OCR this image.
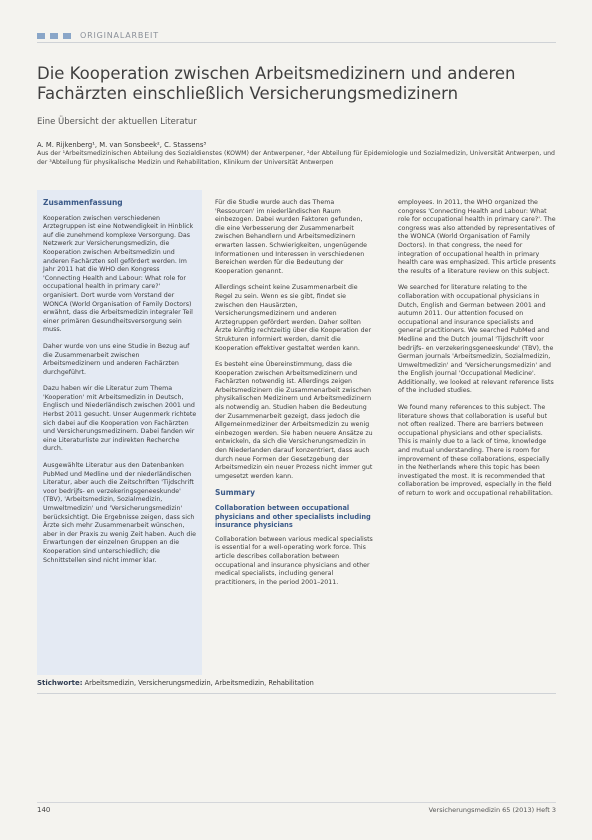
ORIGINALARBEIT
Die Kooperation zwischen Arbeitsmedizinern und anderen Fachärzten einschließlich Versicherungsmedizinern
Eine Übersicht der aktuellen Literatur
A. M. Rijkenberg¹, M. van Sonsbeek², C. Stassens³
Aus der ¹Arbeitsmedizinischen Abteilung des Sozialdienstes (KOWM) der Antwerpener, ²der Abteilung für Epidemiologie und Sozialmedizin, Universität Antwerpen, und der ³Abteilung für physikalische Medizin und Rehabilitation, Klinikum der Universität Antwerpen
Zusammenfassung

Kooperation zwischen verschiedenen Arztegruppen ist eine Notwendigkeit in Hinblick auf die zunehmend komplexe Versorgung. Das Netzwerk zur Versicherungsmedizin, die Kooperation zwischen Arbeitsmedizin und anderen Fachärzten soll gefördert werden. Im Jahr 2011 hat die WHO den Kongress 'Connecting Health and Labour: What role for occupational health in primary care?' organisiert. Dort wurde vom Vorstand der WONCA (World Organisation of Family Doctors) erwähnt, dass die Arbeitsmedizin integraler Teil einer primären Gesundheitsversorgung sein muss.

Daher wurde von uns eine Studie in Bezug auf die Zusammenarbeit zwischen Arbeitsmedizinern und anderen Fachärzten durchgeführt.

Dazu haben wir die Literatur zum Thema 'Kooperation' mit Arbeitsmedizin in Deutsch, Englisch und Niederländisch zwischen 2001 und Herbst 2011 gesucht. Unser Augenmerk richtete sich dabei auf die Kooperation von Fachärzten und Versicherungsmedizinern. Dabei fanden wir eine Literaturliste zur indirekten Recherche durch.

Ausgewählte Literatur aus den Datenbanken PubMed und Medline und der niederländischen Literatur, aber auch die Zeitschriften 'Tijdschrift voor bedrijfs- en verzekeringsgeneeskunde' (TBV), 'Arbeitsmedizin, Sozialmedizin, Umweltmedizin' und 'Versicherungsmedizin' berücksichtigt. Die Ergebnisse zeigen, dass sich Ärzte sich mehr Zusammenarbeit wünschen, aber in der Praxis zu wenig Zeit haben. Auch die Erwartungen der einzelnen Gruppen an die Kooperation sind unterschiedlich; die Schnittstellen sind nicht immer klar.

Für die Studie wurde auch das Thema 'Ressourcen' im niederländischen Raum einbezogen. Dabei wurden Faktoren gefunden, die eine Verbesserung der Zusammenarbeit zwischen Behandlern und Arbeitsmedizinern erwarten lassen. Schwierigkeiten, ungenügende Informationen und Interessen in verschiedenen Bereichen werden für die Bedeutung der Kooperation genannt.

Allerdings scheint keine Zusammenarbeit die Regel zu sein. Wenn es sie gibt, findet sie zwischen den Hausärzten, Versicherungsmedizinern und anderen Arztegruppen gefördert werden. Daher sollten Ärzte künftig rechtzeitig über die Kooperation der Strukturen informiert werden, damit die Kooperation effektiver gestaltet werden kann.

Es besteht eine Übereinstimmung, dass die Kooperation zwischen Arbeitsmedizinern und Fachärzten notwendig ist. Allerdings zeigen Arbeitsmedizinern die Zusammenarbeit zwischen physikalischen Medizinern und Arbeitsmedizinern als notwendig an. Studien haben die Bedeutung der Zusammenarbeit gezeigt, dass jedoch die Allgemeinmediziner der Arbeitsmedizin zu wenig einbezogen werden. Sie haben neuere Ansätze zu entwickeln, da sich die Versicherungsmedizin in den Niederlanden darauf konzentriert, dass auch durch neue Formen der Gesetzgebung der Arbeitsmedizin ein neuer Prozess nicht immer gut umgesetzt werden kann.

Summary
Collaboration between occupational physicians and other specialists including insurance physicians

Collaboration between various medical specialists is essential for a well-operating work force. This article describes collaboration between occupational and insurance physicians and other medical specialists, including general practitioners, in the period 2001–2011.

employees. In 2011, the WHO organized the congress 'Connecting Health and Labour: What role for occupational health in primary care?'. The congress was also attended by representatives of the WONCA (World Organisation of Family Doctors). In that congress, the need for integration of occupational health in primary health care was emphasized. This article presents the results of a literature review on this subject.

We searched for literature relating to the collaboration with occupational physicians in Dutch, English and German between 2001 and autumn 2011. Our attention focused on occupational and insurance specialists and general practitioners. We searched PubMed and Medline and the Dutch journal 'Tijdschrift voor bedrijfs- en verzekeringsgeneeskunde' (TBV), the German journals 'Arbeitsmedizin, Sozialmedizin, Umweltmedizin' and 'Versicherungsmedizin' and the English journal 'Occupational Medicine'. Additionally, we looked at relevant reference lists of the included studies.

We found many references to this subject. The literature shows that collaboration is useful but not often realized. There are barriers between occupational physicians and other specialists. This is mainly due to a lack of time, knowledge and mutual understanding. There is room for improvement of these collaborations, especially in the Netherlands where this topic has been investigated the most. It is recommended that collaboration be improved, especially in the field of return to work and occupational rehabilitation.

Stichworte: Arbeitsmedizin, Versicherungsmedizin, Arbeitsmedizin, Rehabilitation
140	Versicherungsmedizin 65 (2013) Heft 3
